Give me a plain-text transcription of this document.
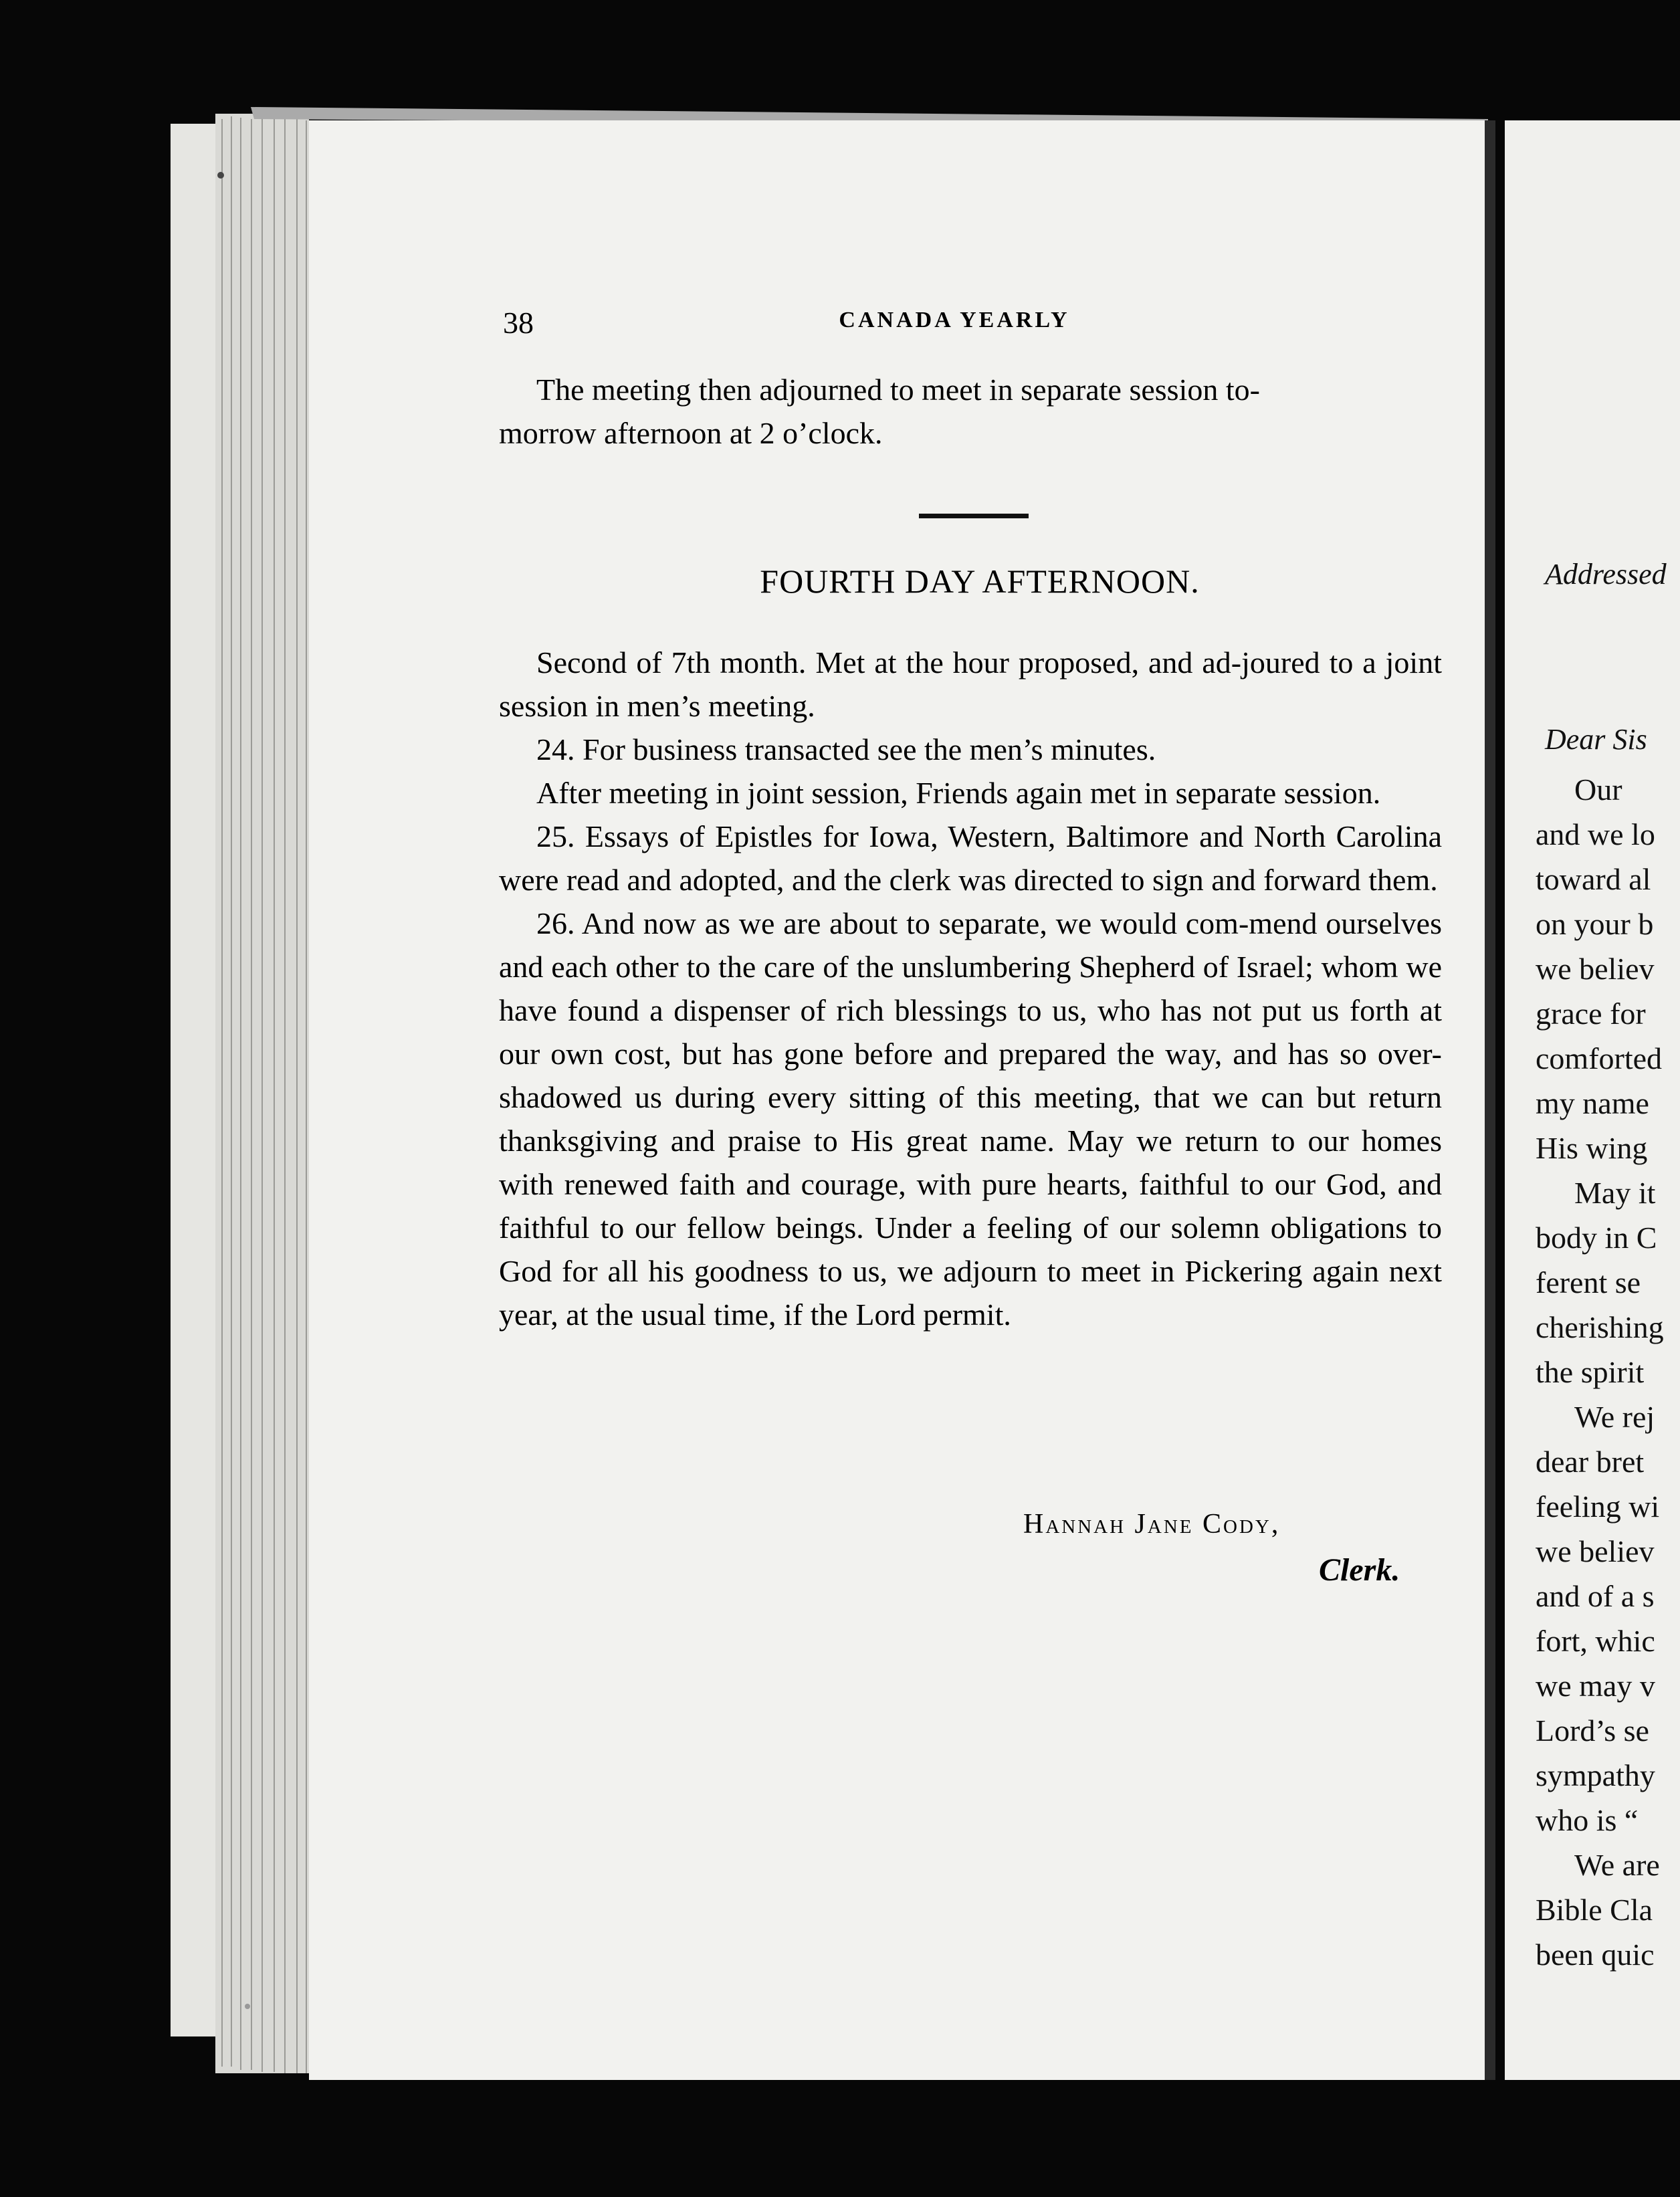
38	CANADA YEARLY
The meeting then adjourned to meet in separate session to-
morrow afternoon at 2 o’clock.
FOURTH DAY AFTERNOON.
Second of 7th month. Met at the hour proposed, and ad-joured to a joint session in men’s meeting.
24. For business transacted see the men’s minutes.
After meeting in joint session, Friends again met in separate session.
25. Essays of Epistles for Iowa, Western, Baltimore and North Carolina were read and adopted, and the clerk was directed to sign and forward them.
26. And now as we are about to separate, we would com-mend ourselves and each other to the care of the unslumbering Shepherd of Israel; whom we have found a dispenser of rich blessings to us, who has not put us forth at our own cost, but has gone before and prepared the way, and has so over-shadowed us during every sitting of this meeting, that we can but return thanksgiving and praise to His great name. May we return to our homes with renewed faith and courage, with pure hearts, faithful to our God, and faithful to our fellow beings. Under a feeling of our solemn obligations to God for all his goodness to us, we adjourn to meet in Pickering again next year, at the usual time, if the Lord permit.
Hannah Jane Cody,
Clerk.
Addressed
Dear Sis
Our
and we lo
toward al
on your b
we believ
grace for
comforted
my name
His wing
May it
body in C
ferent se
cherishing
the spirit
We rej
dear bret
feeling wi
we believ
and of a s
fort, whic
we may v
Lord’s se
sympathy
who is “
We are
Bible Cla
been quic
